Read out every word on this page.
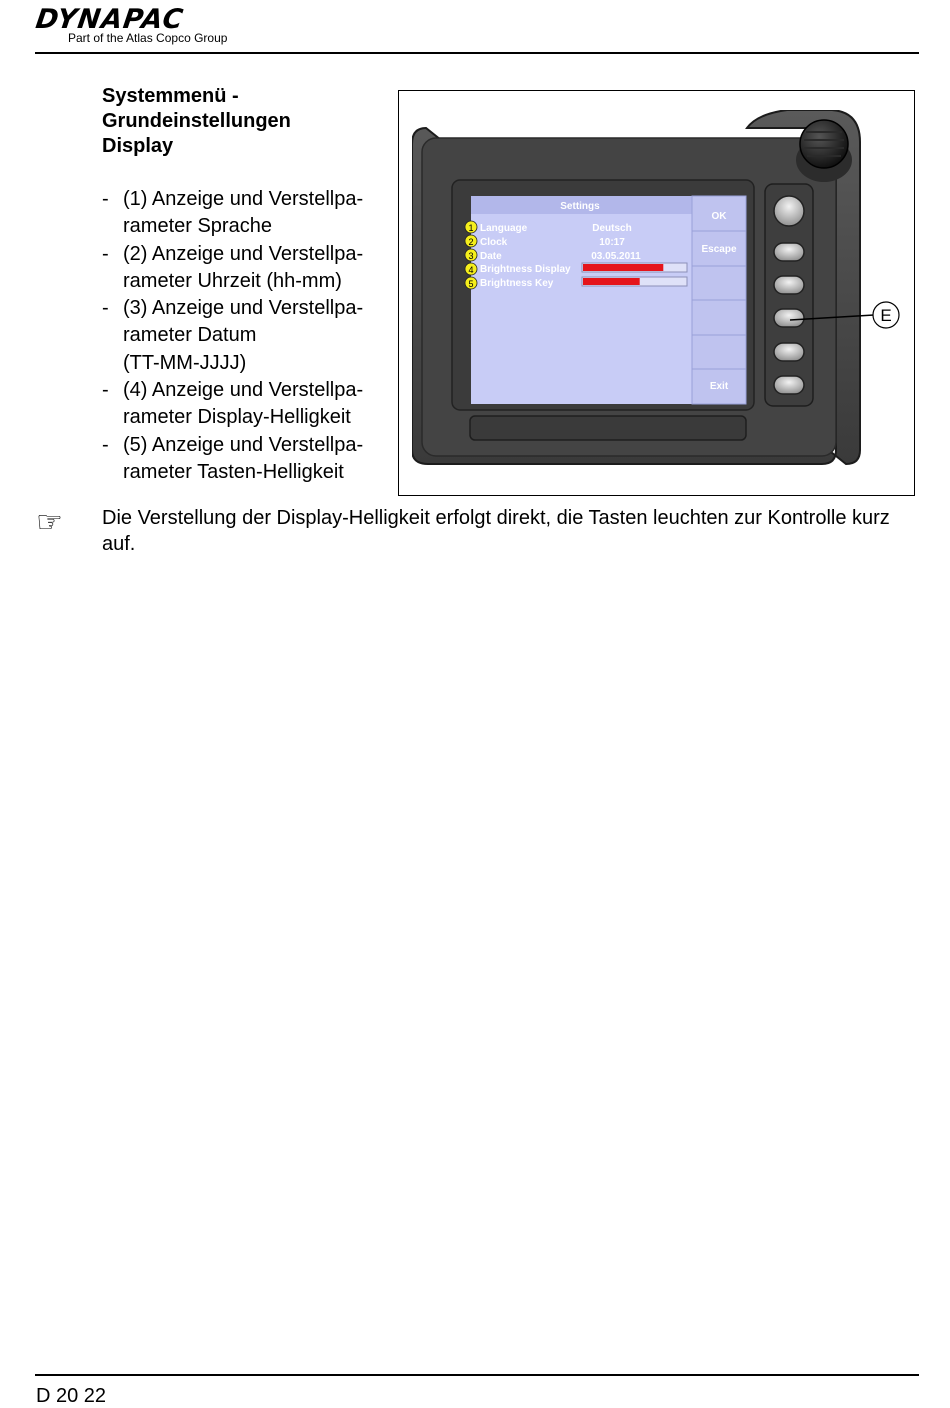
DYNAPAC
Part of the Atlas Copco Group
Systemmenü -
Grundeinstellungen
Display
- (1) Anzeige und Verstellpa-
rameter Sprache
- (2) Anzeige und Verstellpa-
rameter Uhrzeit (hh-mm)
- (3) Anzeige und Verstellpa-
rameter Datum
(TT-MM-JJJJ)
- (4) Anzeige und Verstellpa-
rameter Display-Helligkeit
- (5) Anzeige und Verstellpa-
rameter Tasten-Helligkeit
Settings
1 Language	Deutsch
2 Clock	10:17
3 Date	03.05.2011
4 Brightness Display
5 Brightness Key
OK
Escape
Exit
E
☞ Die Verstellung der Display-Helligkeit erfolgt direkt, die Tasten leuchten zur Kontrolle kurz auf.
D 20 22
